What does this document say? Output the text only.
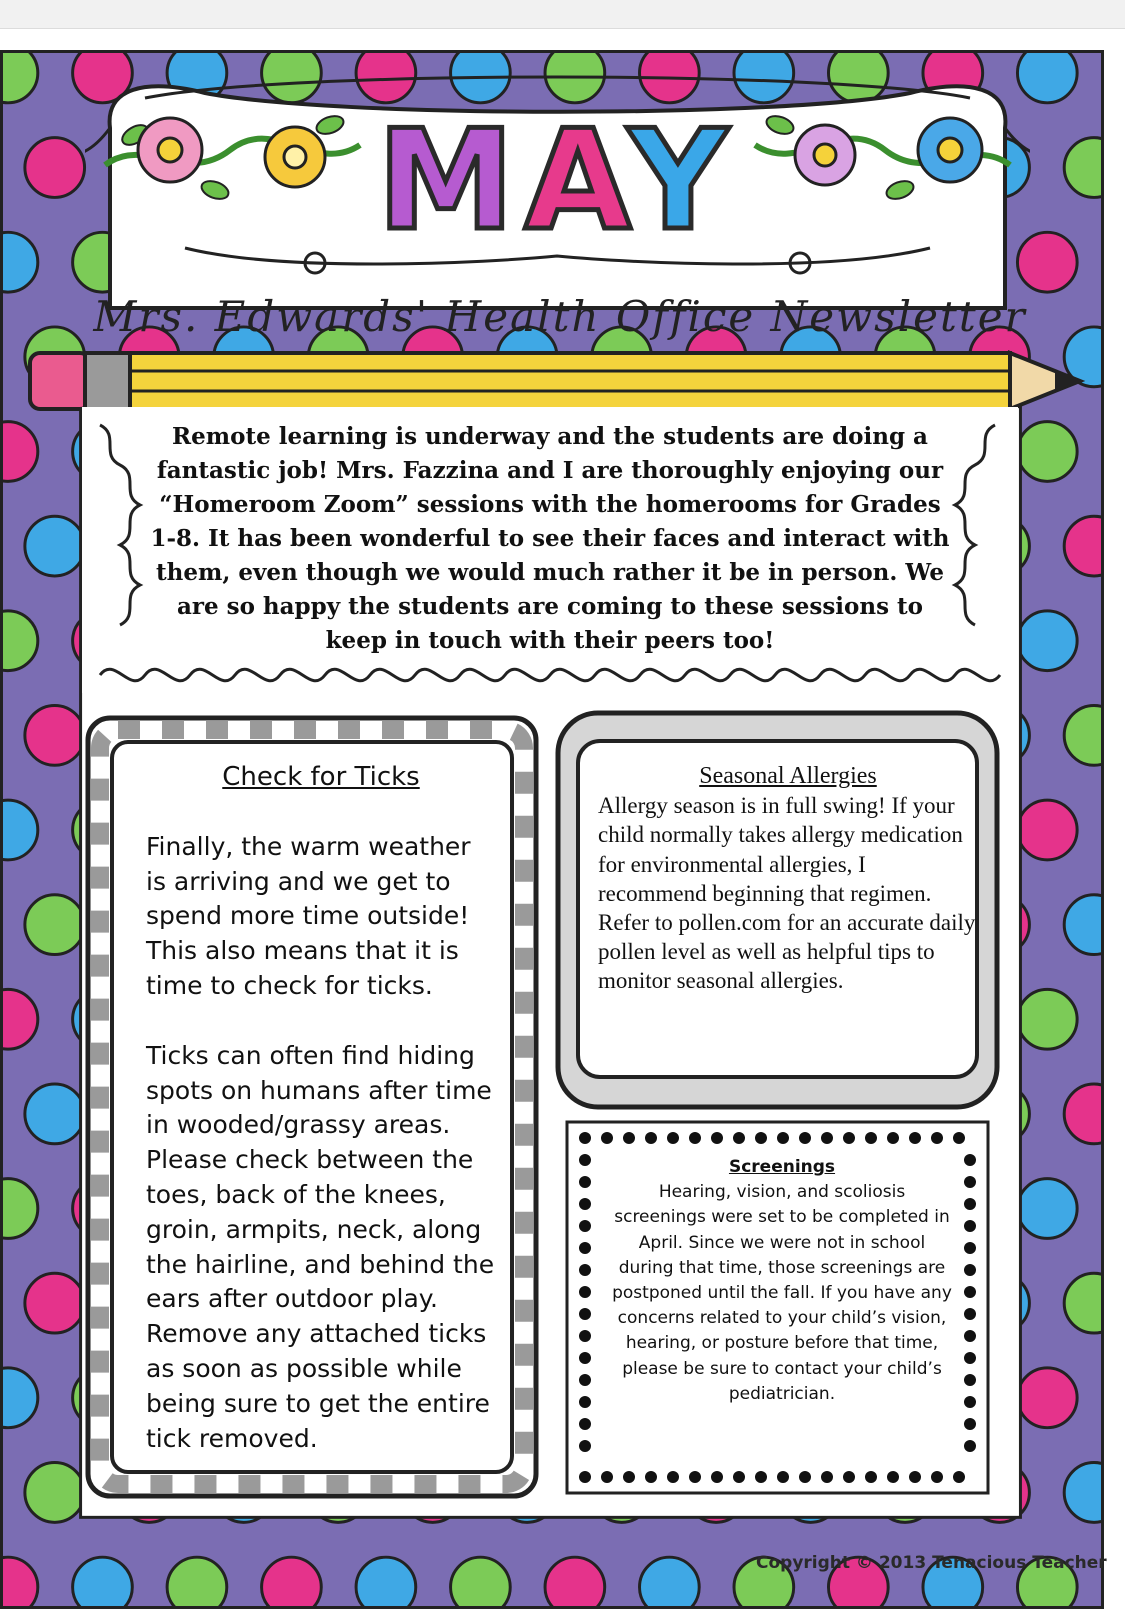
MAY
Mrs. Edwards' Health Office Newsletter

Remote learning is underway and the students are doing a fantastic job! Mrs. Fazzina and I are thoroughly enjoying our “Homeroom Zoom” sessions with the homerooms for Grades 1-8. It has been wonderful to see their faces and interact with them, even though we would much rather it be in person. We are so happy the students are coming to these sessions to keep in touch with their peers too!

Check for Ticks

Finally, the warm weather is arriving and we get to spend more time outside! This also means that it is time to check for ticks.

Ticks can often find hiding spots on humans after time in wooded/grassy areas. Please check between the toes, back of the knees, groin, armpits, neck, along the hairline, and behind the ears after outdoor play. Remove any attached ticks as soon as possible while being sure to get the entire tick removed.

Seasonal Allergies

Allergy season is in full swing! If your child normally takes allergy medication for environmental allergies, I recommend beginning that regimen. Refer to pollen.com for an accurate daily pollen level as well as helpful tips to monitor seasonal allergies.

Screenings

Hearing, vision, and scoliosis screenings were set to be completed in April. Since we were not in school during that time, those screenings are postponed until the fall. If you have any concerns related to your child’s vision, hearing, or posture before that time, please be sure to contact your child’s pediatrician.

Copyright © 2013 Tenacious Teacher
